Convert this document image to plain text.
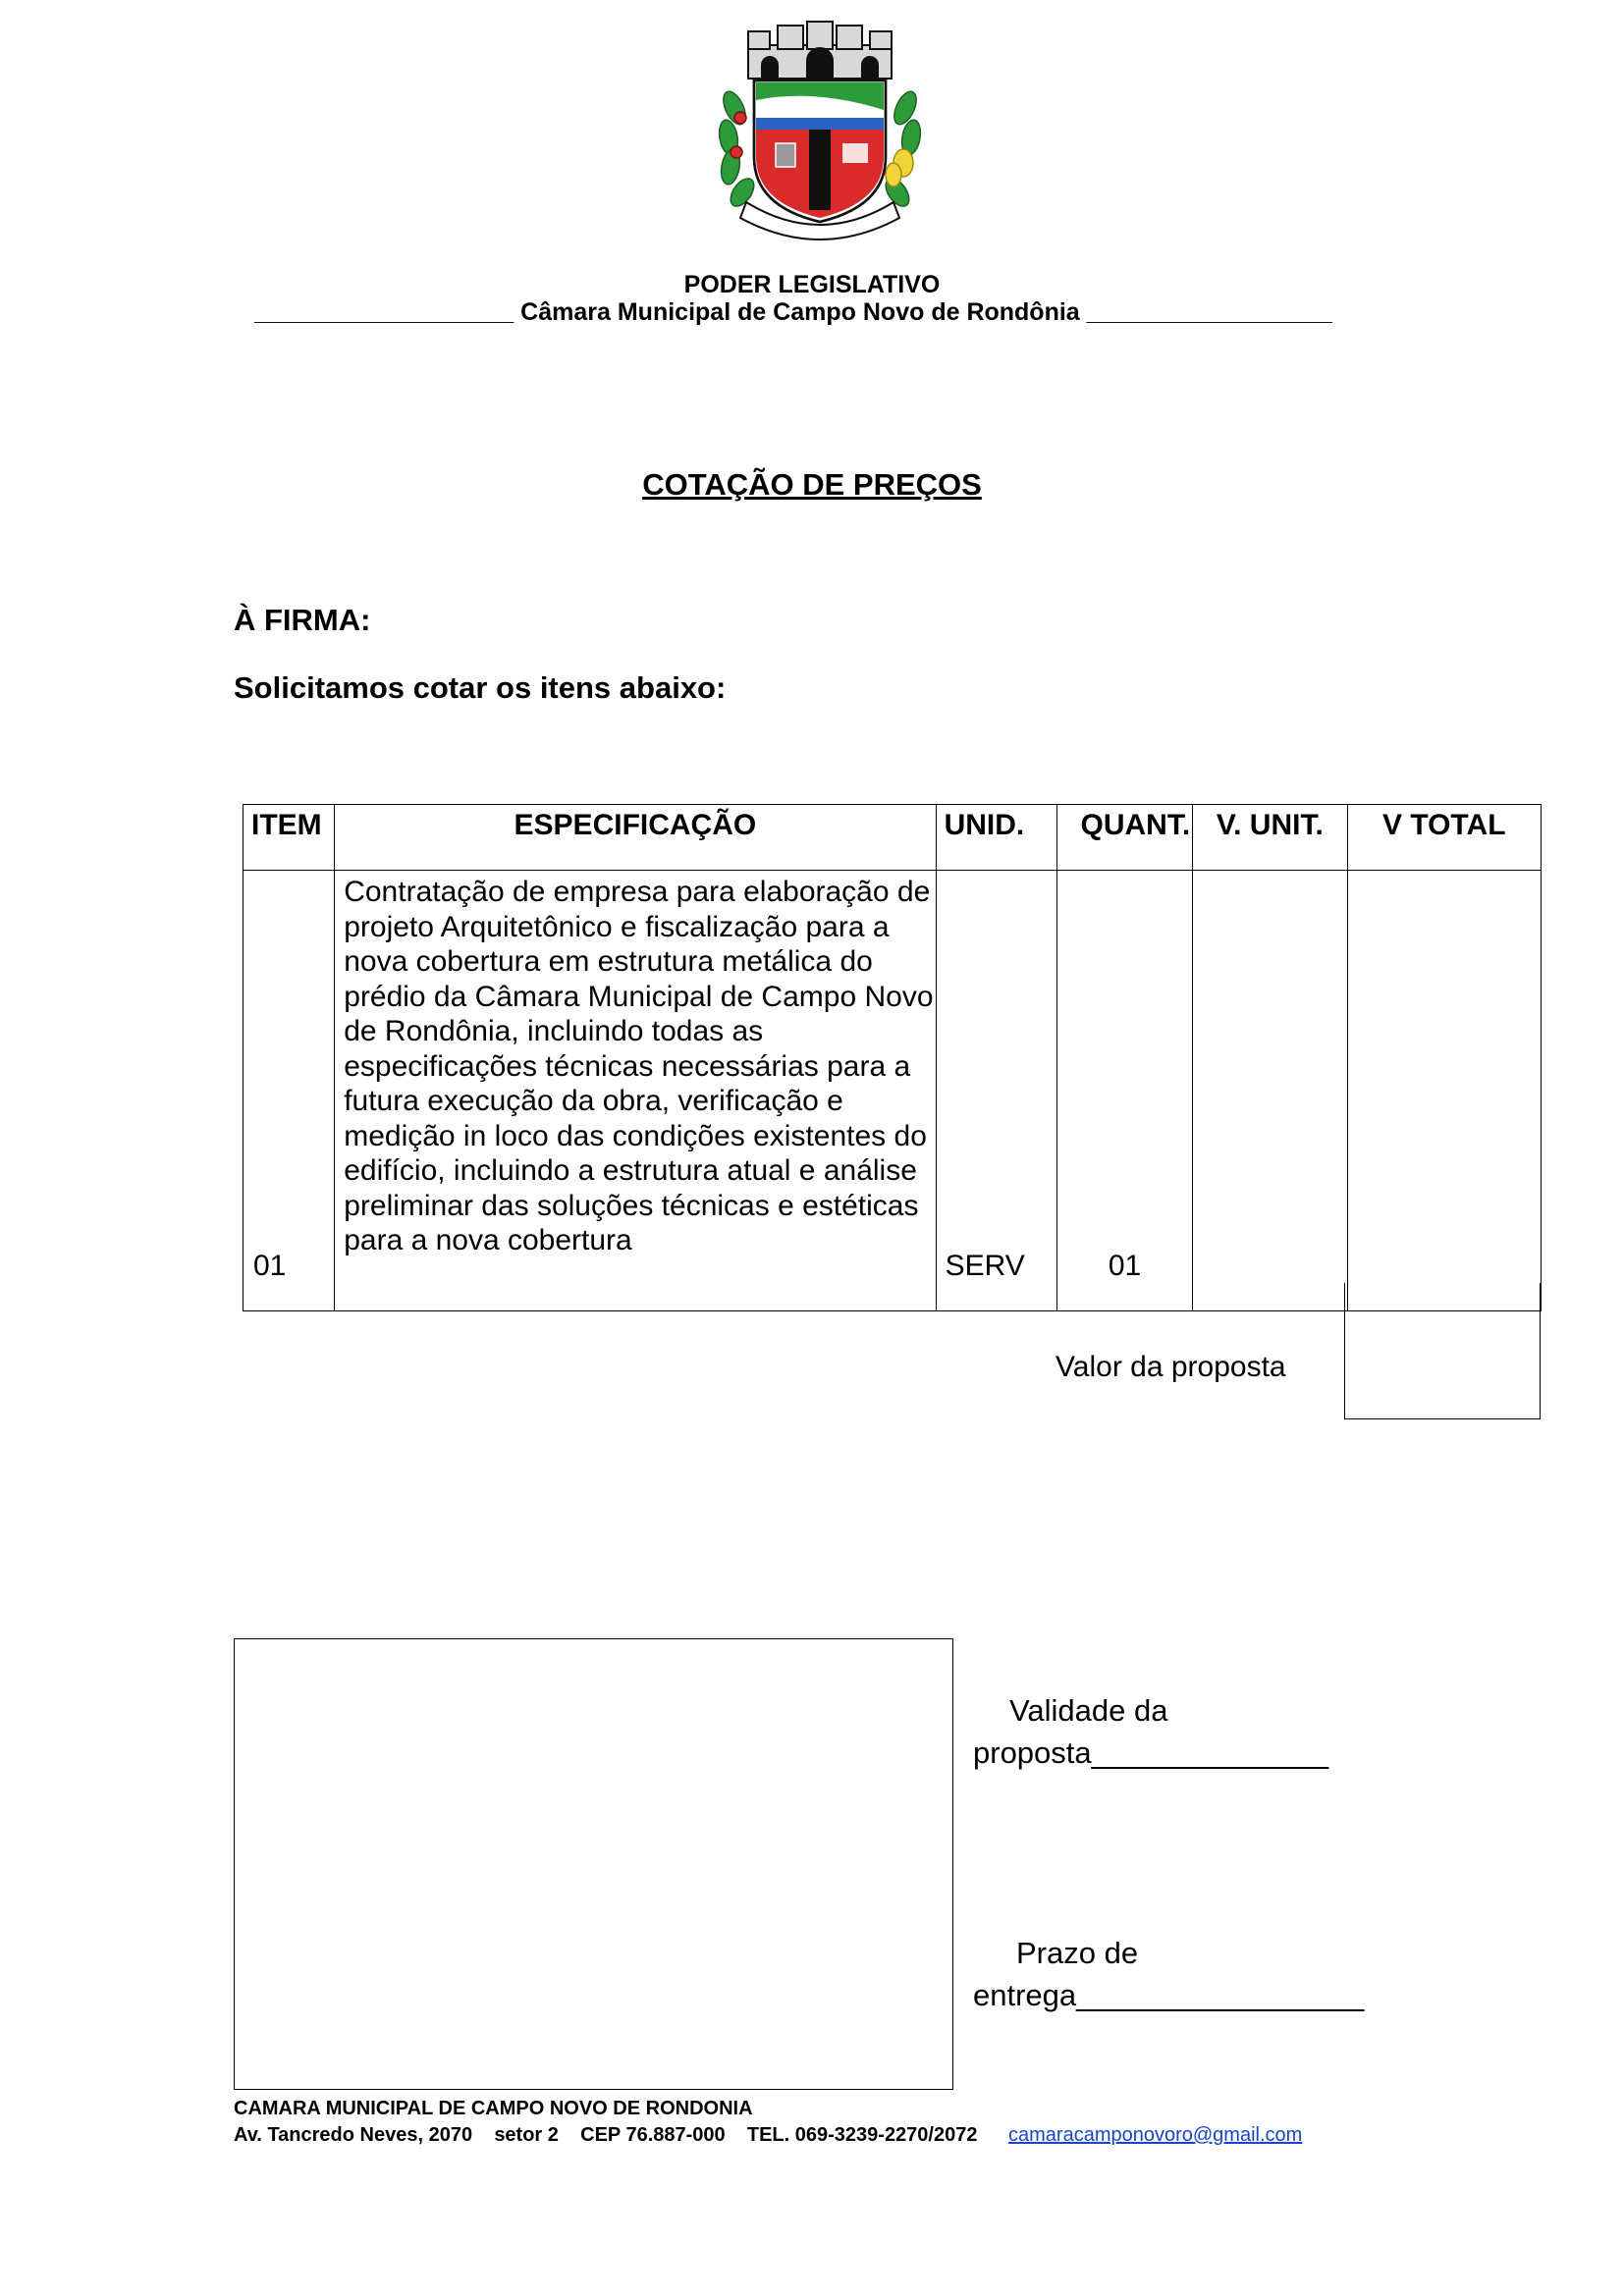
PODER LEGISLATIVO
___________________ Câmara Municipal de Campo Novo de Rondônia __________________
COTAÇÃO DE PREÇOS
À FIRMA:
Solicitamos cotar os itens abaixo:
ITEM	ESPECIFICAÇÃO	UNID.	QUANT.	V. UNIT.	V TOTAL
01	Contratação de empresa para elaboração de projeto Arquitetônico e fiscalização para a nova cobertura em estrutura metálica do prédio da Câmara Municipal de Campo Novo de Rondônia, incluindo todas as especificações técnicas necessárias para a futura execução da obra, verificação e medição in loco das condições existentes do edifício, incluindo a estrutura atual e análise preliminar das soluções técnicas e estéticas para a nova cobertura	SERV	01		
Valor da proposta
Validade da
proposta______________
Prazo de
entrega_________________
CAMARA MUNICIPAL DE CAMPO NOVO DE RONDONIA
Av. Tancredo Neves, 2070    setor 2    CEP 76.887-000    TEL. 069-3239-2270/2072 camaracamponovoro@gmail.com
